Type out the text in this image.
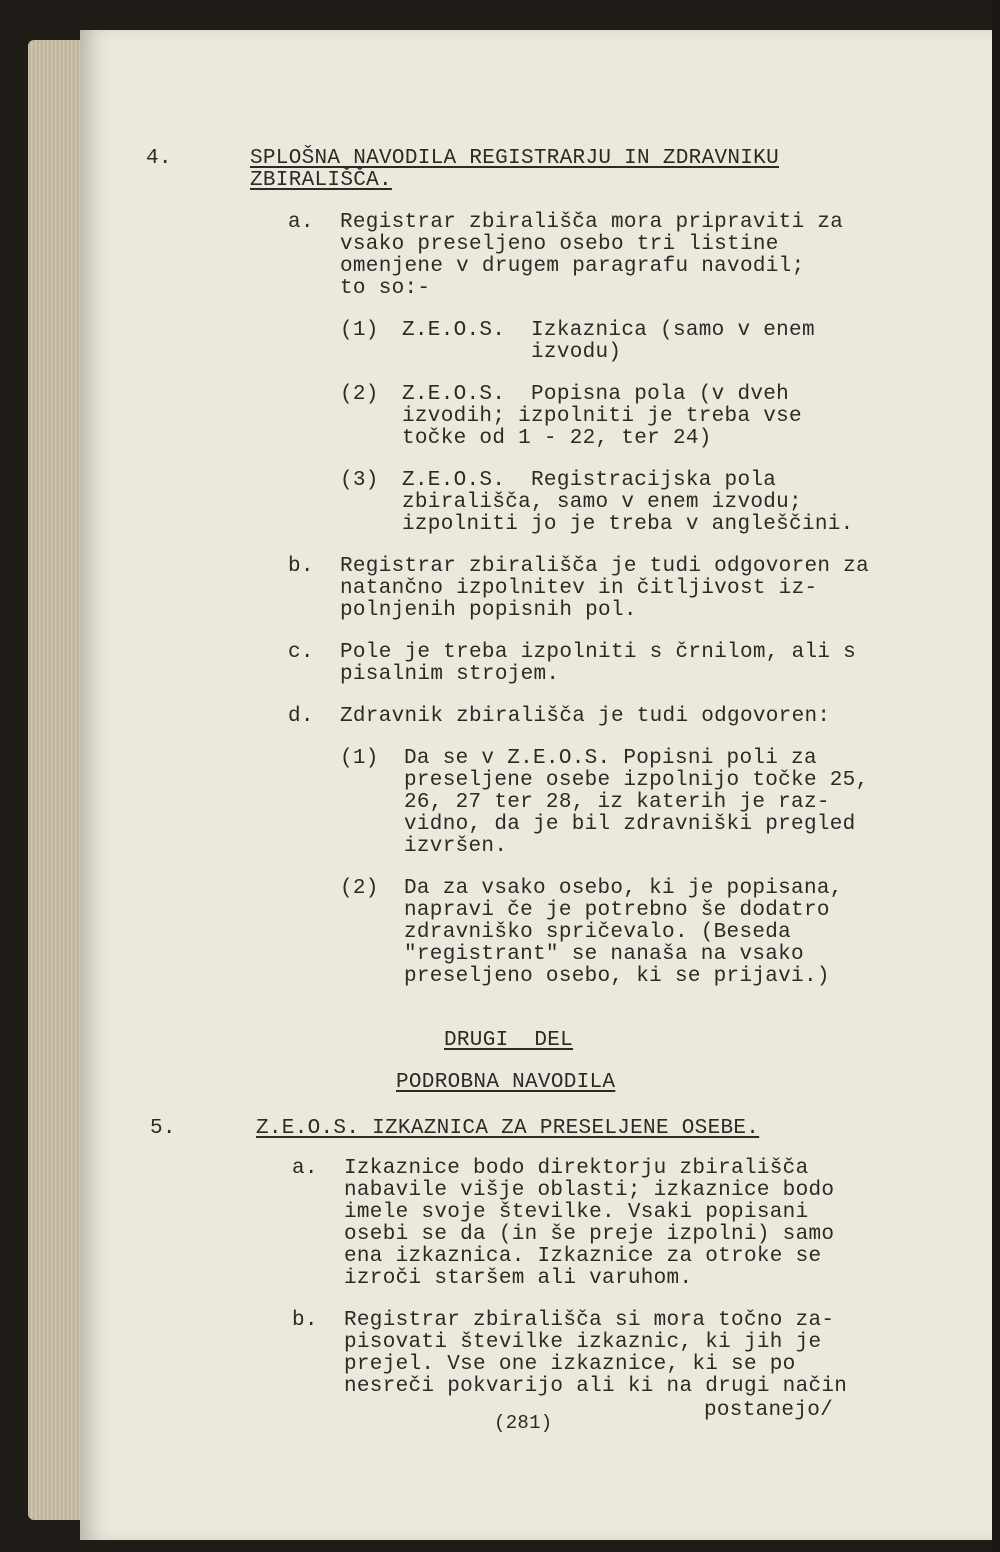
4.	SPLOŠNA NAVODILA REGISTRARJU IN ZDRAVNIKU
ZBIRALIŠČA.
a. Registrar zbirališča mora pripraviti za
vsako preseljeno osebo tri listine
omenjene v drugem paragrafu navodil;
to so:-
(1) Z.E.O.S.  Izkaznica (samo v enem
izvodu)
(2) Z.E.O.S.  Popisna pola (v dveh
izvodih; izpolniti je treba vse
točke od 1 - 22, ter 24)
(3) Z.E.O.S.  Registracijska pola
zbirališča, samo v enem izvodu;
izpolniti jo je treba v angleščini.
b. Registrar zbirališča je tudi odgovoren za
natančno izpolnitev in čitljivost iz-
polnjenih popisnih pol.
c. Pole je treba izpolniti s črnilom, ali s
pisalnim strojem.
d. Zdravnik zbirališča je tudi odgovoren:
(1) Da se v Z.E.O.S. Popisni poli za
preseljene osebe izpolnijo točke 25,
26, 27 ter 28, iz katerih je raz-
vidno, da je bil zdravniški pregled
izvršen.
(2) Da za vsako osebo, ki je popisana,
napravi če je potrebno še dodatro
zdravniško spričevalo. (Beseda
"registrant" se nanaša na vsako
preseljeno osebo, ki se prijavi.)
DRUGI  DEL
PODROBNA NAVODILA
5.	Z.E.O.S. IZKAZNICA ZA PRESELJENE OSEBE.
a. Izkaznice bodo direktorju zbirališča
nabavile višje oblasti; izkaznice bodo
imele svoje številke. Vsaki popisani
osebi se da (in še preje izpolni) samo
ena izkaznica. Izkaznice za otroke se
izroči staršem ali varuhom.
b. Registrar zbirališča si mora točno za-
pisovati številke izkaznic, ki jih je
prejel. Vse one izkaznice, ki se po
nesreči pokvarijo ali ki na drugi način
postanejo/
(281)
